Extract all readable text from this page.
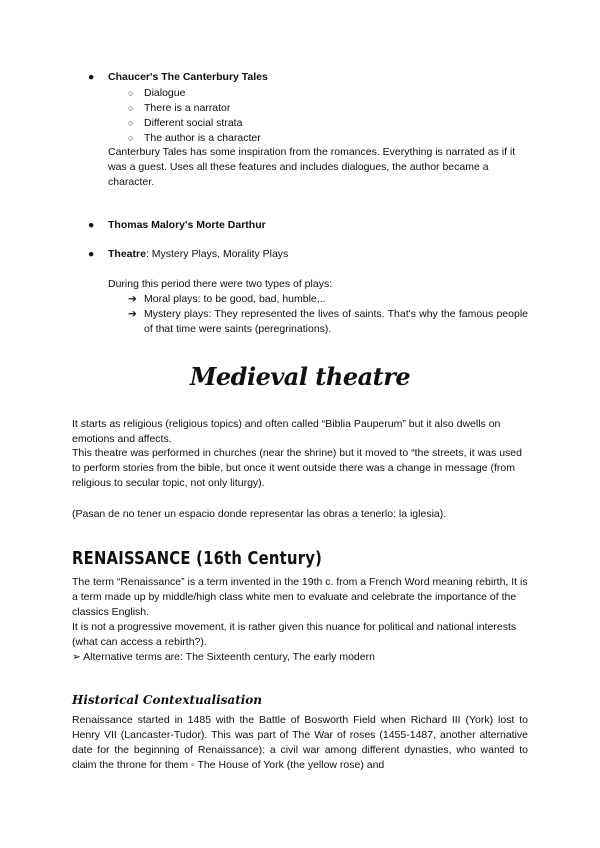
● Chaucer's The Canterbury Tales
○ Dialogue
○ There is a narrator
○ Different social strata
○ The author is a character
Canterbury Tales has some inspiration from the romances. Everything is narrated as if it was a guest. Uses all these features and includes dialogues, the author became a character.
● Thomas Malory's Morte Darthur
● Theatre: Mystery Plays, Morality Plays
During this period there were two types of plays:
➔ Moral plays: to be good, bad, humble,..
➔ Mystery plays: They represented the lives of saints. That's why the famous people of that time were saints (peregrinations).
Medieval theatre
It starts as religious (religious topics) and often called “Biblia Pauperum” but it also dwells on emotions and affects.
This theatre was performed in churches (near the shrine) but it moved to “the streets, it was used to perform stories from the bible, but once it went outside there was a change in message (from religious to secular topic, not only liturgy).
(Pasan de no tener un espacio donde representar las obras a tenerlo: la iglesia).
RENAISSANCE (16th Century)
The term “Renaissance” is a term invented in the 19th c. from a French Word meaning rebirth, It is a term made up by middle/high class white men to evaluate and celebrate the importance of the classics English.
It is not a progressive movement, it is rather given this nuance for political and national interests (what can access a rebirth?).
➢ Alternative terms are: The Sixteenth century, The early modern
Historical Contextualisation
Renaissance started in 1485 with the Battle of Bosworth Field when Richard III (York) lost to Henry VII (Lancaster-Tudor). This was part of The War of roses (1455-1487, another alternative date for the beginning of Renaissance): a civil war among different dynasties, who wanted to claim the throne for them ◦ The House of York (the yellow rose) and
